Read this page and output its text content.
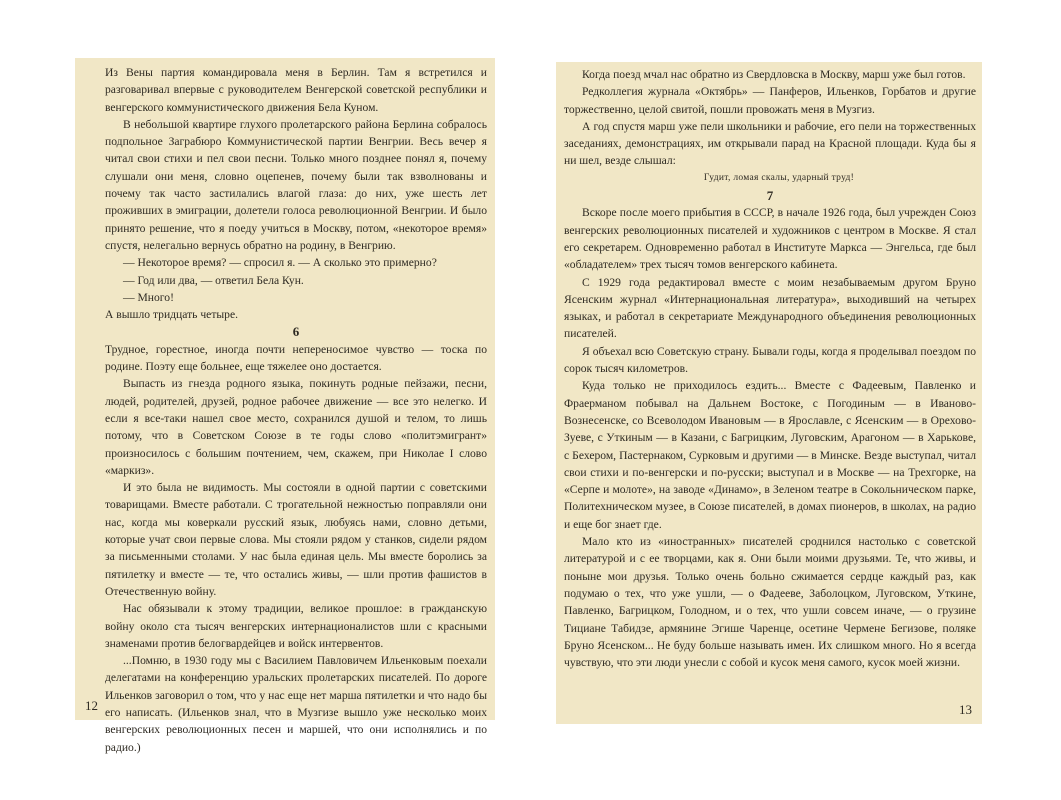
Из Вены партия командировала меня в Берлин. Там я встретился и разговаривал впервые с руководителем Венгерской советской республики и венгерского коммунистического движения Бела Куном.

В небольшой квартире глухого пролетарского района Берлина собралось подпольное Заграбюро Коммунистической партии Венгрии. Весь вечер я читал свои стихи и пел свои песни. Только много позднее понял я, почему слушали они меня, словно оцепенев, почему были так взволнованы и почему так часто застилались влагой глаза: до них, уже шесть лет проживших в эмиграции, долетели голоса революционной Венгрии. И было принято решение, что я поеду учиться в Москву, потом, «некоторое время» спустя, нелегально вернусь обратно на родину, в Венгрию.

— Некоторое время? — спросил я. — А сколько это примерно?

— Год или два, — ответил Бела Кун.

— Много!

А вышло тридцать четыре.

6

Трудное, горестное, иногда почти непереносимое чувство — тоска по родине. Поэту еще больнее, еще тяжелее оно достается.

Выпасть из гнезда родного языка, покинуть родные пейзажи, песни, людей, родителей, друзей, родное рабочее движение — все это нелегко. И если я все-таки нашел свое место, сохранился душой и телом, то лишь потому, что в Советском Союзе в те годы слово «политэмигрант» произносилось с большим почтением, чем, скажем, при Николае I слово «маркиз».

И это была не видимость. Мы состояли в одной партии с советскими товарищами. Вместе работали. С трогательной нежностью поправляли они нас, когда мы коверкали русский язык, любуясь нами, словно детьми, которые учат свои первые слова. Мы стояли рядом у станков, сидели рядом за письменными столами. У нас была единая цель. Мы вместе боролись за пятилетку и вместе — те, что остались живы, — шли против фашистов в Отечественную войну.

Нас обязывали к этому традиции, великое прошлое: в гражданскую войну около ста тысяч венгерских интернационалистов шли с красными знаменами против белогвардейцев и войск интервентов.

...Помню, в 1930 году мы с Василием Павловичем Ильенковым поехали делегатами на конференцию уральских пролетарских писателей. По дороге Ильенков заговорил о том, что у нас еще нет марша пятилетки и что надо бы его написать. (Ильенков знал, что в Музгизе вышло уже несколько моих венгерских революционных песен и маршей, что они исполнялись и по радио.)

12

Когда поезд мчал нас обратно из Свердловска в Москву, марш уже был готов.

Редколлегия журнала «Октябрь» — Панферов, Ильенков, Горбатов и другие торжественно, целой свитой, пошли провожать меня в Музгиз.

А год спустя марш уже пели школьники и рабочие, его пели на торжественных заседаниях, демонстрациях, им открывали парад на Красной площади. Куда бы я ни шел, везде слышал:

Гудит, ломая скалы, ударный труд!

7

Вскоре после моего прибытия в СССР, в начале 1926 года, был учрежден Союз венгерских революционных писателей и художников с центром в Москве. Я стал его секретарем. Одновременно работал в Институте Маркса — Энгельса, где был «обладателем» трех тысяч томов венгерского кабинета.

С 1929 года редактировал вместе с моим незабываемым другом Бруно Ясенским журнал «Интернациональная литература», выходивший на четырех языках, и работал в секретариате Международного объединения революционных писателей.

Я объехал всю Советскую страну. Бывали годы, когда я проделывал поездом по сорок тысяч километров.

Куда только не приходилось ездить... Вместе с Фадеевым, Павленко и Фраерманом побывал на Дальнем Востоке, с Погодиным — в Иваново-Вознесенске, со Всеволодом Ивановым — в Ярославле, с Ясенским — в Орехово-Зуеве, с Уткиным — в Казани, с Багрицким, Луговским, Арагоном — в Харькове, с Бехером, Пастернаком, Сурковым и другими — в Минске. Везде выступал, читал свои стихи и по-венгерски и по-русски; выступал и в Москве — на Трехгорке, на «Серпе и молоте», на заводе «Динамо», в Зеленом театре в Сокольническом парке, Политехническом музее, в Союзе писателей, в домах пионеров, в школах, на радио и еще бог знает где.

Мало кто из «иностранных» писателей сроднился настолько с советской литературой и с ее творцами, как я. Они были моими друзьями. Те, что живы, и поныне мои друзья. Только очень больно сжимается сердце каждый раз, как подумаю о тех, что уже ушли, — о Фадееве, Заболоцком, Луговском, Уткине, Павленко, Багрицком, Голодном, и о тех, что ушли совсем иначе, — о грузине Тициане Табидзе, армянине Эгише Чаренце, осетине Чермене Бегизове, поляке Бруно Ясенском... Не буду больше называть имен. Их слишком много. Но я всегда чувствую, что эти люди унесли с собой и кусок меня самого, кусок моей жизни.

13
